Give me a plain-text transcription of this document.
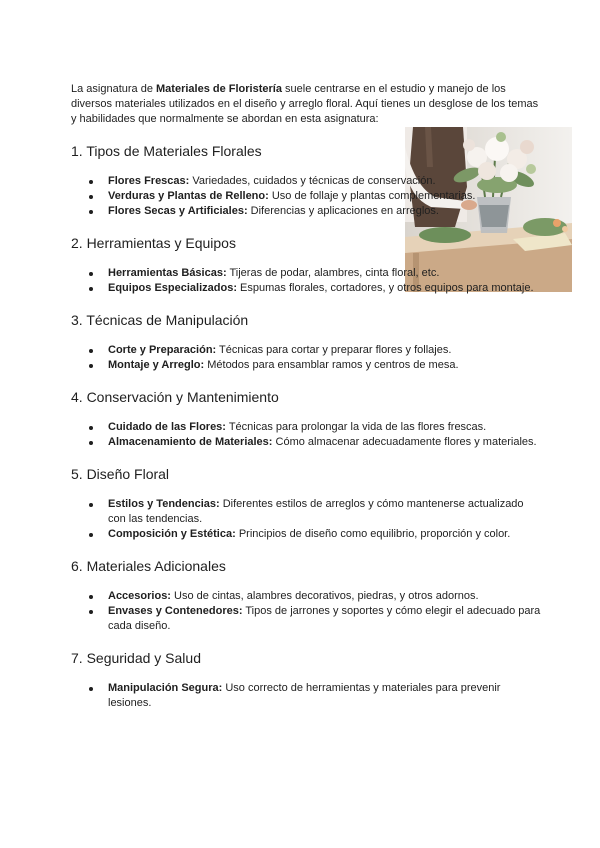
La asignatura de Materiales de Floristería suele centrarse en el estudio y manejo de los diversos materiales utilizados en el diseño y arreglo floral. Aquí tienes un desglose de los temas y habilidades que normalmente se abordan en esta asignatura:

1. Tipos de Materiales Florales
Flores Frescas: Variedades, cuidados y técnicas de conservación.
Verduras y Plantas de Relleno: Uso de follaje y plantas complementarias.
Flores Secas y Artificiales: Diferencias y aplicaciones en arreglos.
2. Herramientas y Equipos
Herramientas Básicas: Tijeras de podar, alambres, cinta floral, etc.
Equipos Especializados: Espumas florales, cortadores, y otros equipos para montaje.
3. Técnicas de Manipulación
Corte y Preparación: Técnicas para cortar y preparar flores y follajes.
Montaje y Arreglo: Métodos para ensamblar ramos y centros de mesa.
4. Conservación y Mantenimiento
Cuidado de las Flores: Técnicas para prolongar la vida de las flores frescas.
Almacenamiento de Materiales: Cómo almacenar adecuadamente flores y materiales.
5. Diseño Floral
Estilos y Tendencias: Diferentes estilos de arreglos y cómo mantenerse actualizado con las tendencias.
Composición y Estética: Principios de diseño como equilibrio, proporción y color.
6. Materiales Adicionales
Accesorios: Uso de cintas, alambres decorativos, piedras, y otros adornos.
Envases y Contenedores: Tipos de jarrones y soportes y cómo elegir el adecuado para cada diseño.
7. Seguridad y Salud
Manipulación Segura: Uso correcto de herramientas y materiales para prevenir lesiones.
